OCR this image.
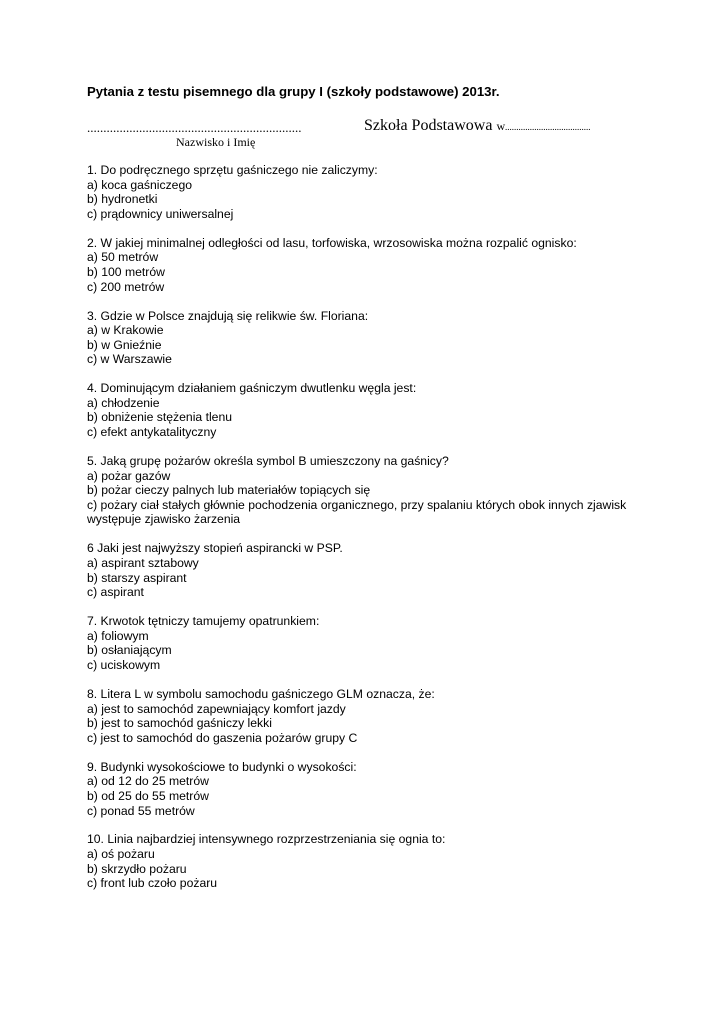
Pytania z testu pisemnego dla grupy I (szkoły podstawowe) 2013r.
..................................................................
Nazwisko i Imię
Szkoła Podstawowa w ......................................
1. Do podręcznego sprzętu gaśniczego nie zaliczymy:
a) koca gaśniczego
b) hydronetki
c) prądownicy uniwersalnej
2. W jakiej minimalnej odległości od lasu, torfowiska, wrzosowiska można rozpalić ognisko:
a) 50 metrów
b) 100 metrów
c) 200 metrów
3. Gdzie w Polsce znajdują się relikwie św. Floriana:
a) w Krakowie
b) w Gnieźnie
c) w Warszawie
4. Dominującym działaniem gaśniczym dwutlenku węgla jest:
a) chłodzenie
b) obniżenie stężenia tlenu
c) efekt antykatalityczny
5. Jaką grupę pożarów określa symbol B umieszczony na gaśnicy?
a) pożar gazów
b) pożar cieczy palnych lub materiałów topiących się
c) pożary ciał stałych głównie pochodzenia organicznego, przy spalaniu których obok innych zjawisk występuje zjawisko żarzenia
6 Jaki jest najwyższy stopień aspirancki w PSP.
a) aspirant sztabowy
b) starszy aspirant
c) aspirant
7. Krwotok tętniczy tamujemy opatrunkiem:
a) foliowym
b) osłaniającym
c) uciskowym
8. Litera L w symbolu samochodu gaśniczego GLM oznacza, że:
a) jest to samochód zapewniający komfort jazdy
b) jest to samochód gaśniczy lekki
c) jest to samochód do gaszenia pożarów grupy C
9. Budynki wysokościowe to budynki o wysokości:
a) od 12 do 25 metrów
b) od 25 do 55 metrów
c) ponad 55 metrów
10. Linia najbardziej intensywnego rozprzestrzeniania się ognia to:
a) oś pożaru
b) skrzydło pożaru
c) front lub czoło pożaru
